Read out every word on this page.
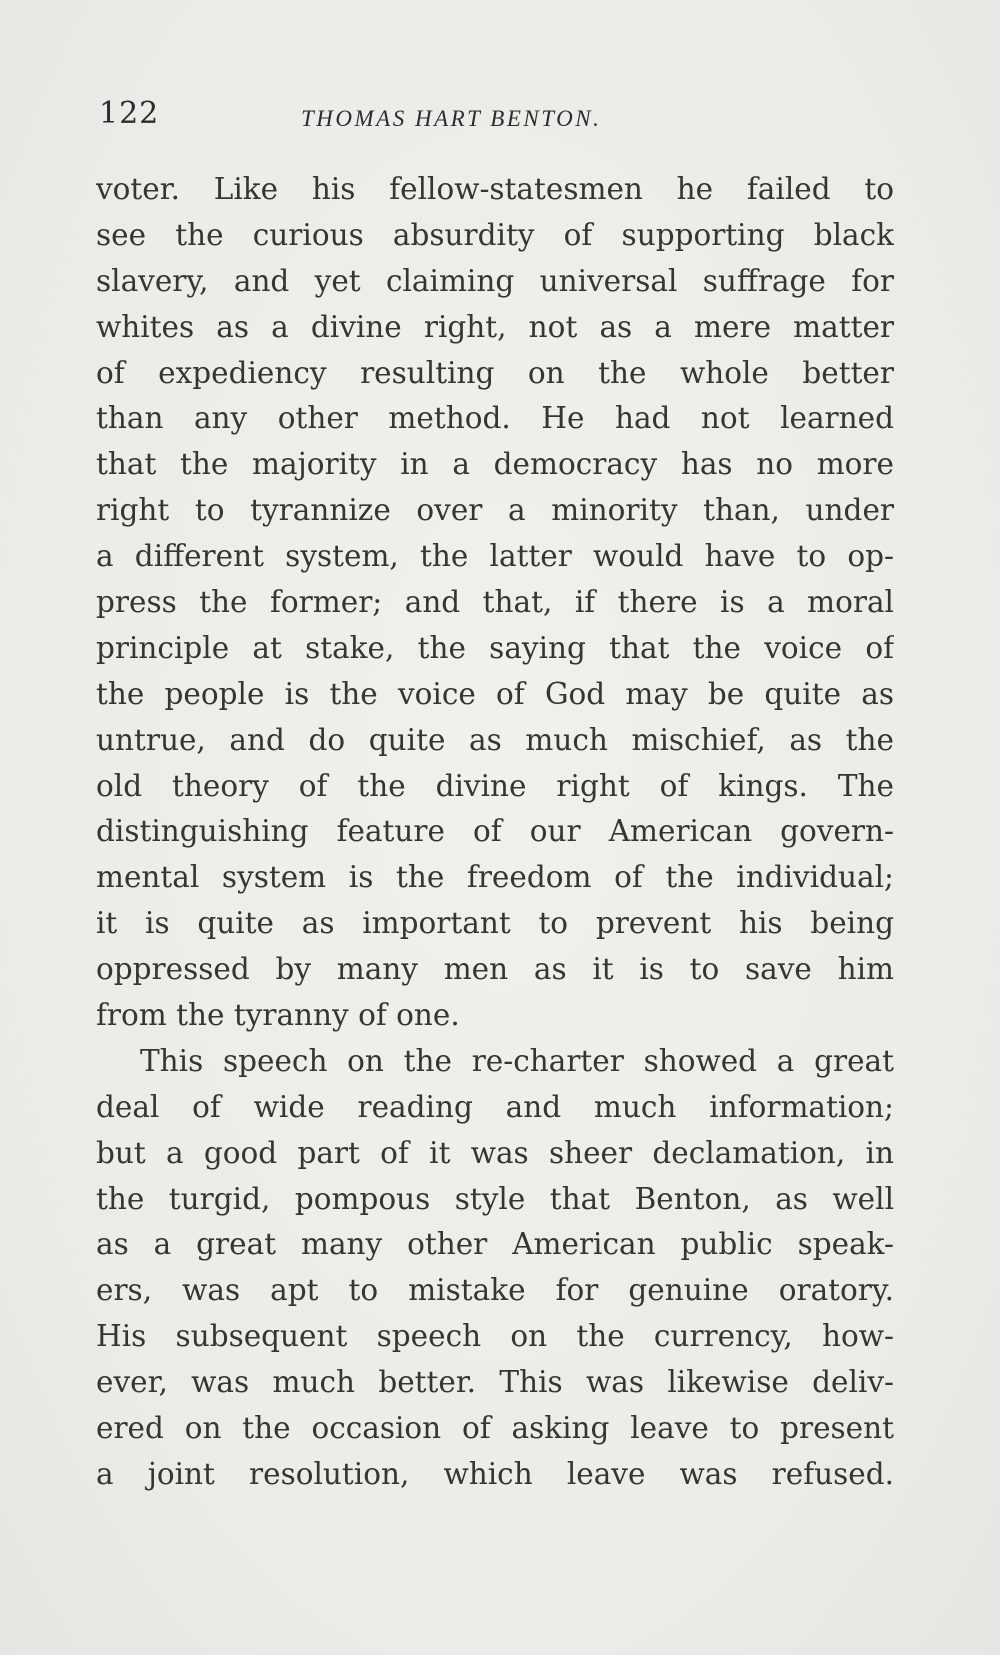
122	THOMAS HART BENTON.
voter. Like his fellow-statesmen he failed to
see the curious absurdity of supporting black
slavery, and yet claiming universal suffrage for
whites as a divine right, not as a mere matter
of expediency resulting on the whole better
than any other method. He had not learned
that the majority in a democracy has no more
right to tyrannize over a minority than, under
a different system, the latter would have to op-
press the former; and that, if there is a moral
principle at stake, the saying that the voice of
the people is the voice of God may be quite as
untrue, and do quite as much mischief, as the
old theory of the divine right of kings. The
distinguishing feature of our American govern-
mental system is the freedom of the individual;
it is quite as important to prevent his being
oppressed by many men as it is to save him
from the tyranny of one.
This speech on the re-charter showed a great
deal of wide reading and much information;
but a good part of it was sheer declamation, in
the turgid, pompous style that Benton, as well
as a great many other American public speak-
ers, was apt to mistake for genuine oratory.
His subsequent speech on the currency, how-
ever, was much better. This was likewise deliv-
ered on the occasion of asking leave to present
a joint resolution, which leave was refused.
